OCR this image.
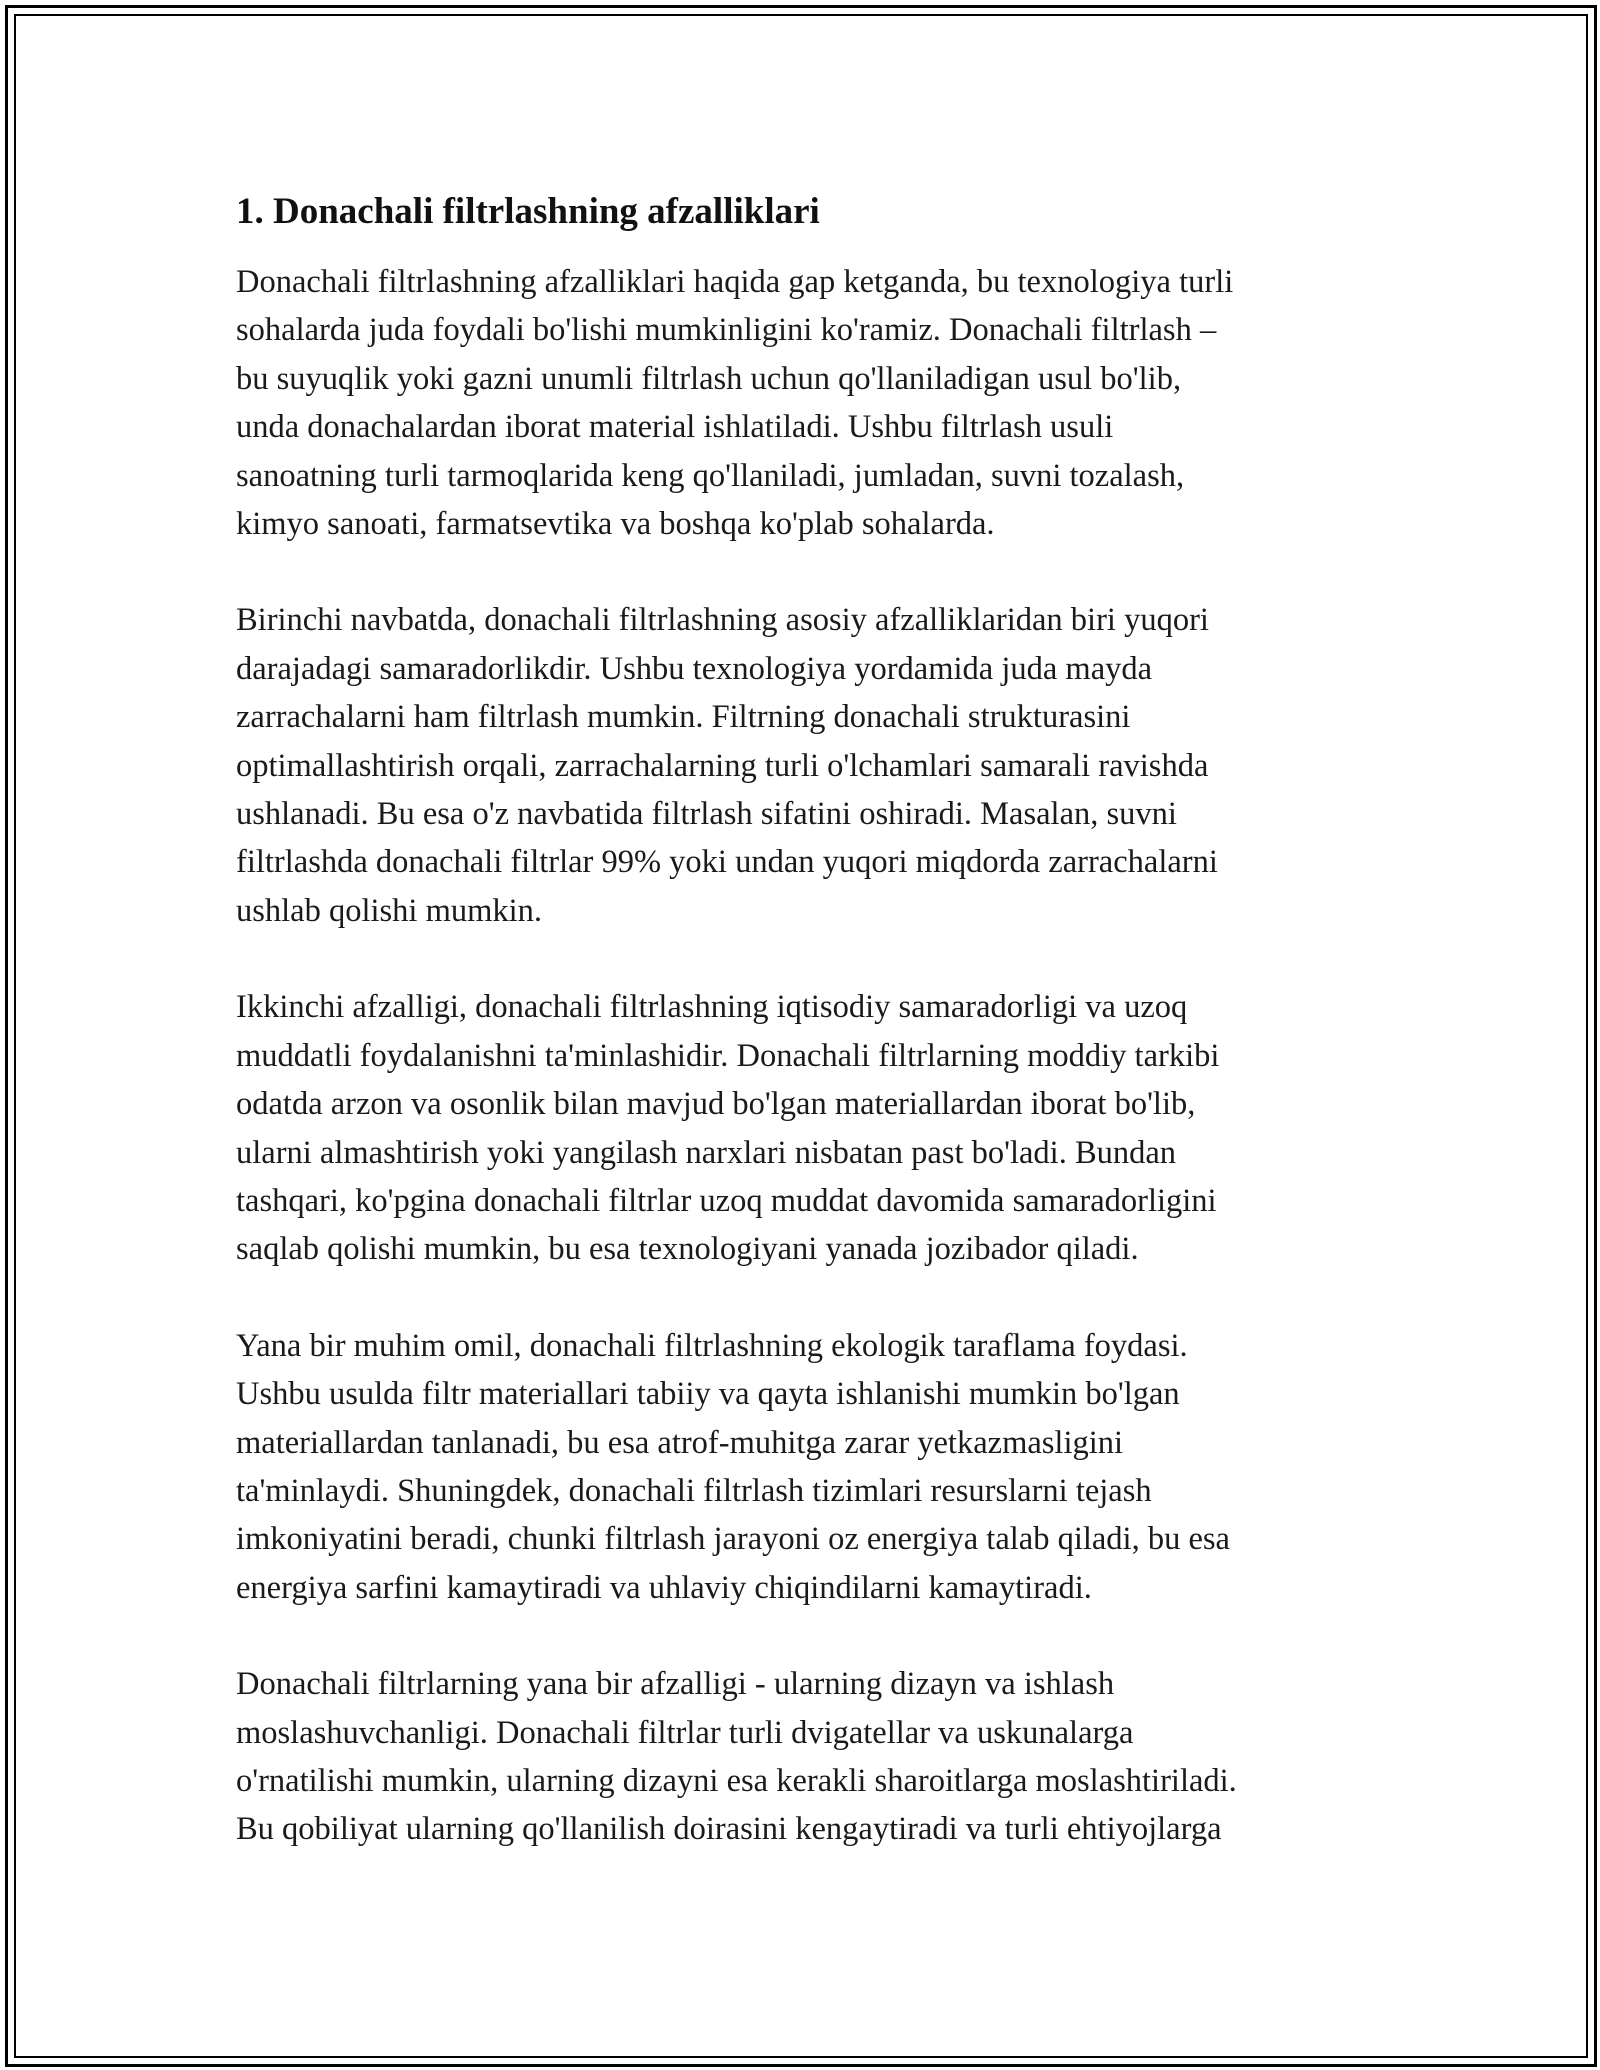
1. Donachali filtrlashning afzalliklari
Donachali filtrlashning afzalliklari haqida gap ketganda, bu texnologiya turli
sohalarda juda foydali bo'lishi mumkinligini ko'ramiz. Donachali filtrlash –
bu suyuqlik yoki gazni unumli filtrlash uchun qo'llaniladigan usul bo'lib,
unda donachalardan iborat material ishlatiladi. Ushbu filtrlash usuli
sanoatning turli tarmoqlarida keng qo'llaniladi, jumladan, suvni tozalash,
kimyo sanoati, farmatsevtika va boshqa ko'plab sohalarda.
Birinchi navbatda, donachali filtrlashning asosiy afzalliklaridan biri yuqori
darajadagi samaradorlikdir. Ushbu texnologiya yordamida juda mayda
zarrachalarni ham filtrlash mumkin. Filtrning donachali strukturasini
optimallashtirish orqali, zarrachalarning turli o'lchamlari samarali ravishda
ushlanadi. Bu esa o'z navbatida filtrlash sifatini oshiradi. Masalan, suvni
filtrlashda donachali filtrlar 99% yoki undan yuqori miqdorda zarrachalarni
ushlab qolishi mumkin.
Ikkinchi afzalligi, donachali filtrlashning iqtisodiy samaradorligi va uzoq
muddatli foydalanishni ta'minlashidir. Donachali filtrlarning moddiy tarkibi
odatda arzon va osonlik bilan mavjud bo'lgan materiallardan iborat bo'lib,
ularni almashtirish yoki yangilash narxlari nisbatan past bo'ladi. Bundan
tashqari, ko'pgina donachali filtrlar uzoq muddat davomida samaradorligini
saqlab qolishi mumkin, bu esa texnologiyani yanada jozibador qiladi.
Yana bir muhim omil, donachali filtrlashning ekologik taraflama foydasi.
Ushbu usulda filtr materiallari tabiiy va qayta ishlanishi mumkin bo'lgan
materiallardan tanlanadi, bu esa atrof-muhitga zarar yetkazmasligini
ta'minlaydi. Shuningdek, donachali filtrlash tizimlari resurslarni tejash
imkoniyatini beradi, chunki filtrlash jarayoni oz energiya talab qiladi, bu esa
energiya sarfini kamaytiradi va uhlaviy chiqindilarni kamaytiradi.
Donachali filtrlarning yana bir afzalligi - ularning dizayn va ishlash
moslashuvchanligi. Donachali filtrlar turli dvigatellar va uskunalarga
o'rnatilishi mumkin, ularning dizayni esa kerakli sharoitlarga moslashtiriladi.
Bu qobiliyat ularning qo'llanilish doirasini kengaytiradi va turli ehtiyojlarga
